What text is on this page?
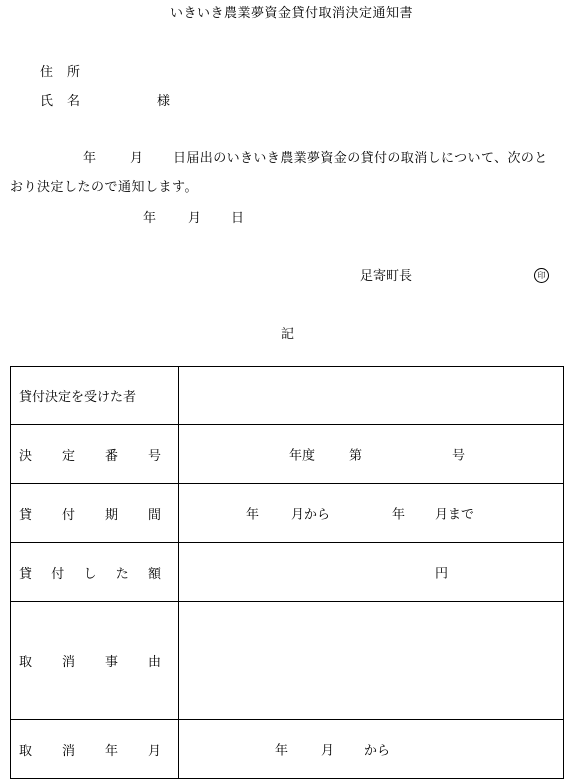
いきいき農業夢資金貸付取消決定通知書
住所
氏名	様
年	月 日届出のいきいき農業夢資金の貸付の取消しについて、次のと
おり決定したので通知します。
年 月 日
足寄町長	印
記
貸付決定を受けた者	

決 定 番 号	年度 第 号

貸 付 期 間	年 月から 年 月まで

貸 付 し た 額	円

取 消 事 由	

取 消 年 月	年 月 から
